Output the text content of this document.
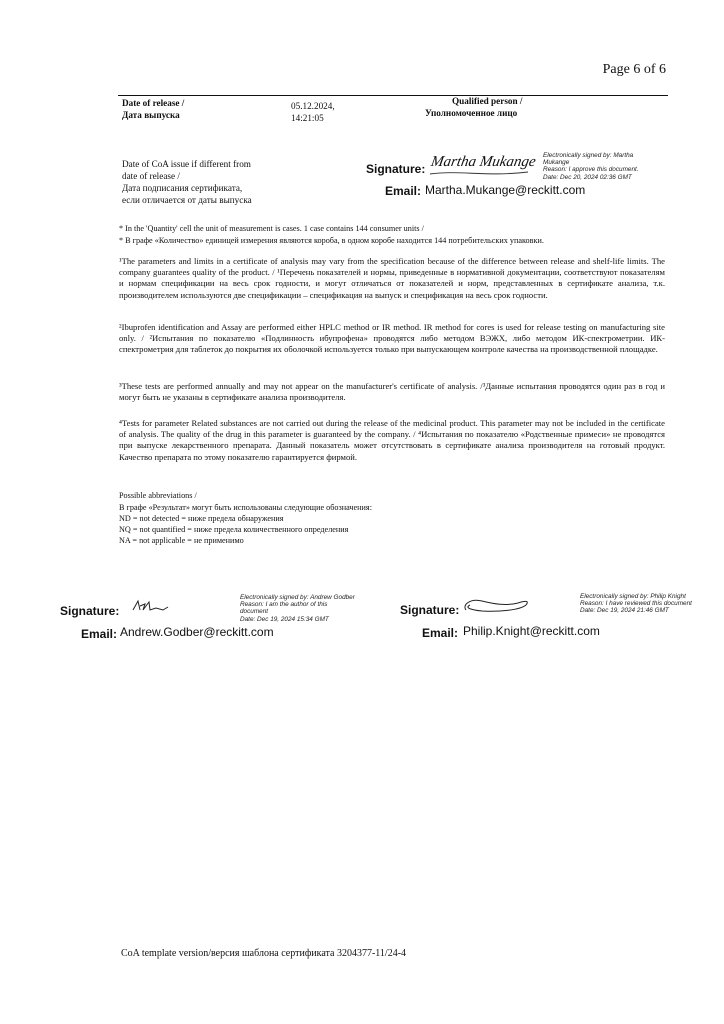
Page 6 of 6
Date of release /
Дата выпуска
05.12.2024,
14:21:05
Qualified person /
Уполномоченное лицо
Date of CoA issue if different from
date of release /
Дата подписания сертификата,
если отличается от даты выпуска
Signature: Martha Mukange Electronically signed by: Martha
Mukange
Reason: I approve this document.
Date: Dec 20, 2024 02:36 GMT
Email: Martha.Mukange@reckitt.com
* In the 'Quantity' cell the unit of measurement is cases. 1 case contains 144 consumer units /
* В графе «Количество» единицей измерения являются короба, в одном коробе находится 144 потребительских упаковки.
¹The parameters and limits in a certificate of analysis may vary from the specification because of the difference between release and shelf-life limits. The company guarantees quality of the product. / ¹Перечень показателей и нормы, приведенные в нормативной документации, соответствуют показателям и нормам спецификации на весь срок годности, и могут отличаться от показателей и норм, представленных в сертификате анализа, т.к. производителем используются две спецификации – спецификация на выпуск и спецификация на весь срок годности.
²Ibuprofen identification and Assay are performed either HPLC method or IR method. IR method for cores is used for release testing on manufacturing site only. / ²Испытания по показателю «Подлинность ибупрофена» проводятся либо методом ВЭЖХ, либо методом ИК-спектрометрии. ИК-спектрометрия для таблеток до покрытия их оболочкой используется только при выпускающем контроле качества на производственной площадке.
³These tests are performed annually and may not appear on the manufacturer's certificate of analysis. /³Данные испытания проводятся один раз в год и могут быть не указаны в сертификате анализа производителя.
⁴Tests for parameter Related substances are not carried out during the release of the medicinal product. This parameter may not be included in the certificate of analysis. The quality of the drug in this parameter is guaranteed by the company. / ⁴Испытания по показателю «Родственные примеси» не проводятся при выпуске лекарственного препарата. Данный показатель может отсутствовать в сертификате анализа производителя на готовый продукт. Качество препарата по этому показателю гарантируется фирмой.
Possible abbreviations /
В графе «Результат» могут быть использованы следующие обозначения:
ND = not detected = ниже предела обнаружения
NQ = not quantified = ниже предела количественного определения
NA = not applicable = не применимо
Signature:
Electronically signed by: Andrew Godber
Reason: I am the author of this
document
Date: Dec 19, 2024 15:34 GMT
Email: Andrew.Godber@reckitt.com
Signature:
Electronically signed by: Philip Knight
Reason: I have reviewed this document
Date: Dec 19, 2024 21:46 GMT
Email: Philip.Knight@reckitt.com
CoA template version/версия шаблона сертификата 3204377-11/24-4
